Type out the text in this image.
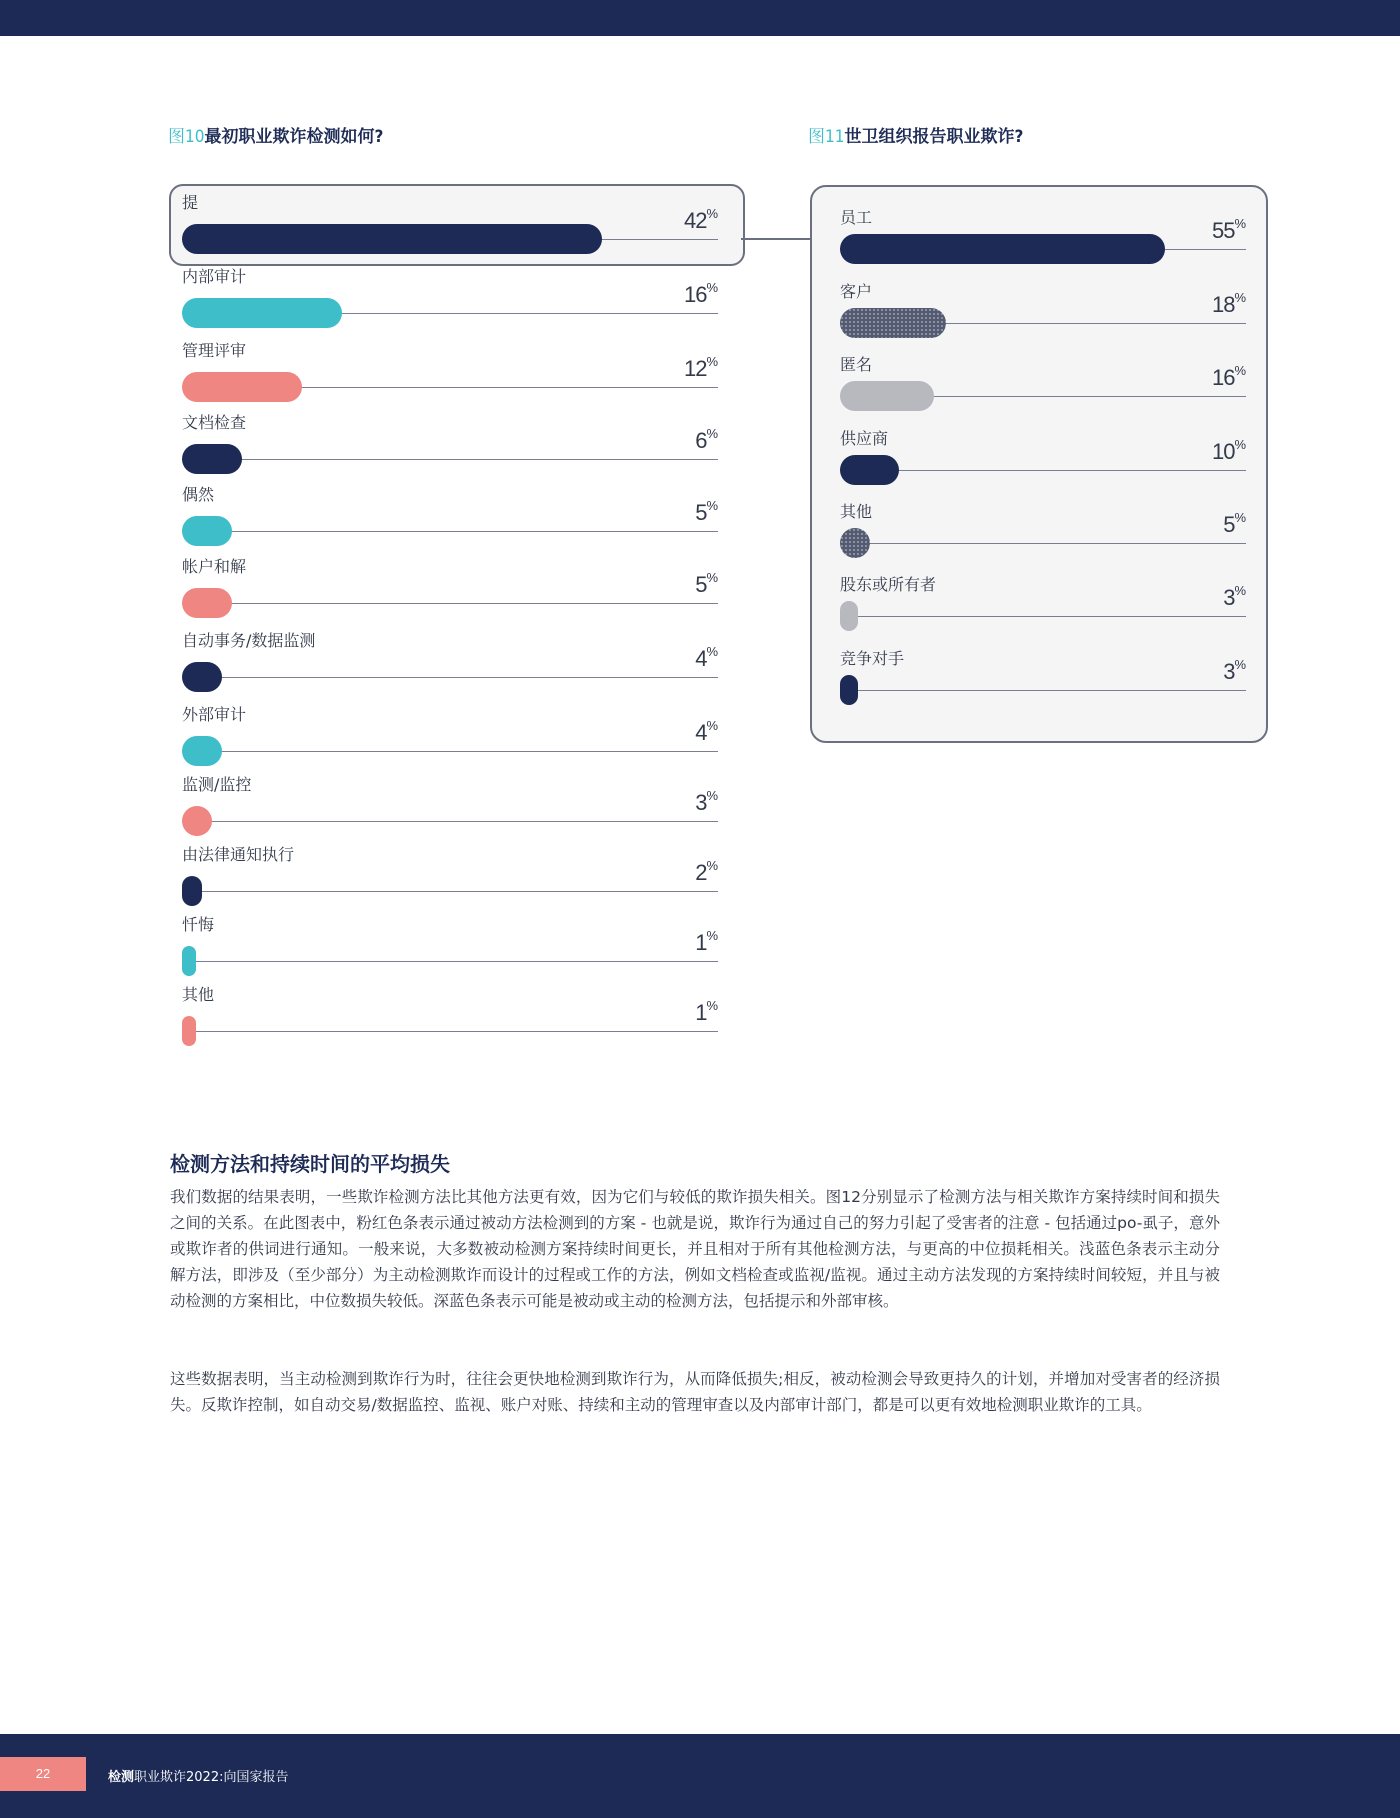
图10最初职业欺诈检测如何?	图11世卫组织报告职业欺诈?
提
42%
内部审计
16%
管理评审
12%
文档检查
6%
偶然
5%
帐户和解
5%
自动事务/数据监测
4%
外部审计
4%
监测/监控
3%
由法律通知执行
2%
忏悔
1%
其他
1%
员工
55%
客户
18%
匿名
16%
供应商
10%
其他
5%
股东或所有者
3%
竞争对手
3%
检测方法和持续时间的平均损失
我们数据的结果表明，一些欺诈检测方法比其他方法更有效，因为它们与较低的欺诈损失相关。图12分别显示了检测方法与相关欺诈方案持续时间和损失之间的关系。在此图表中，粉红色条表示通过被动方法检测到的方案 - 也就是说，欺诈行为通过自己的努力引起了受害者的注意 - 包括通过po-虱子，意外或欺诈者的供词进行通知。一般来说，大多数被动检测方案持续时间更长，并且相对于所有其他检测方法，与更高的中位损耗相关。浅蓝色条表示主动分解方法，即涉及（至少部分）为主动检测欺诈而设计的过程或工作的方法，例如文档检查或监视/监视。通过主动方法发现的方案持续时间较短，并且与被动检测的方案相比，中位数损失较低。深蓝色条表示可能是被动或主动的检测方法，包括提示和外部审核。
这些数据表明，当主动检测到欺诈行为时，往往会更快地检测到欺诈行为，从而降低损失;相反，被动检测会导致更持久的计划，并增加对受害者的经济损失。反欺诈控制，如自动交易/数据监控、监视、账户对账、持续和主动的管理审查以及内部审计部门，都是可以更有效地检测职业欺诈的工具。
22	检测职业欺诈2022:向国家报告
